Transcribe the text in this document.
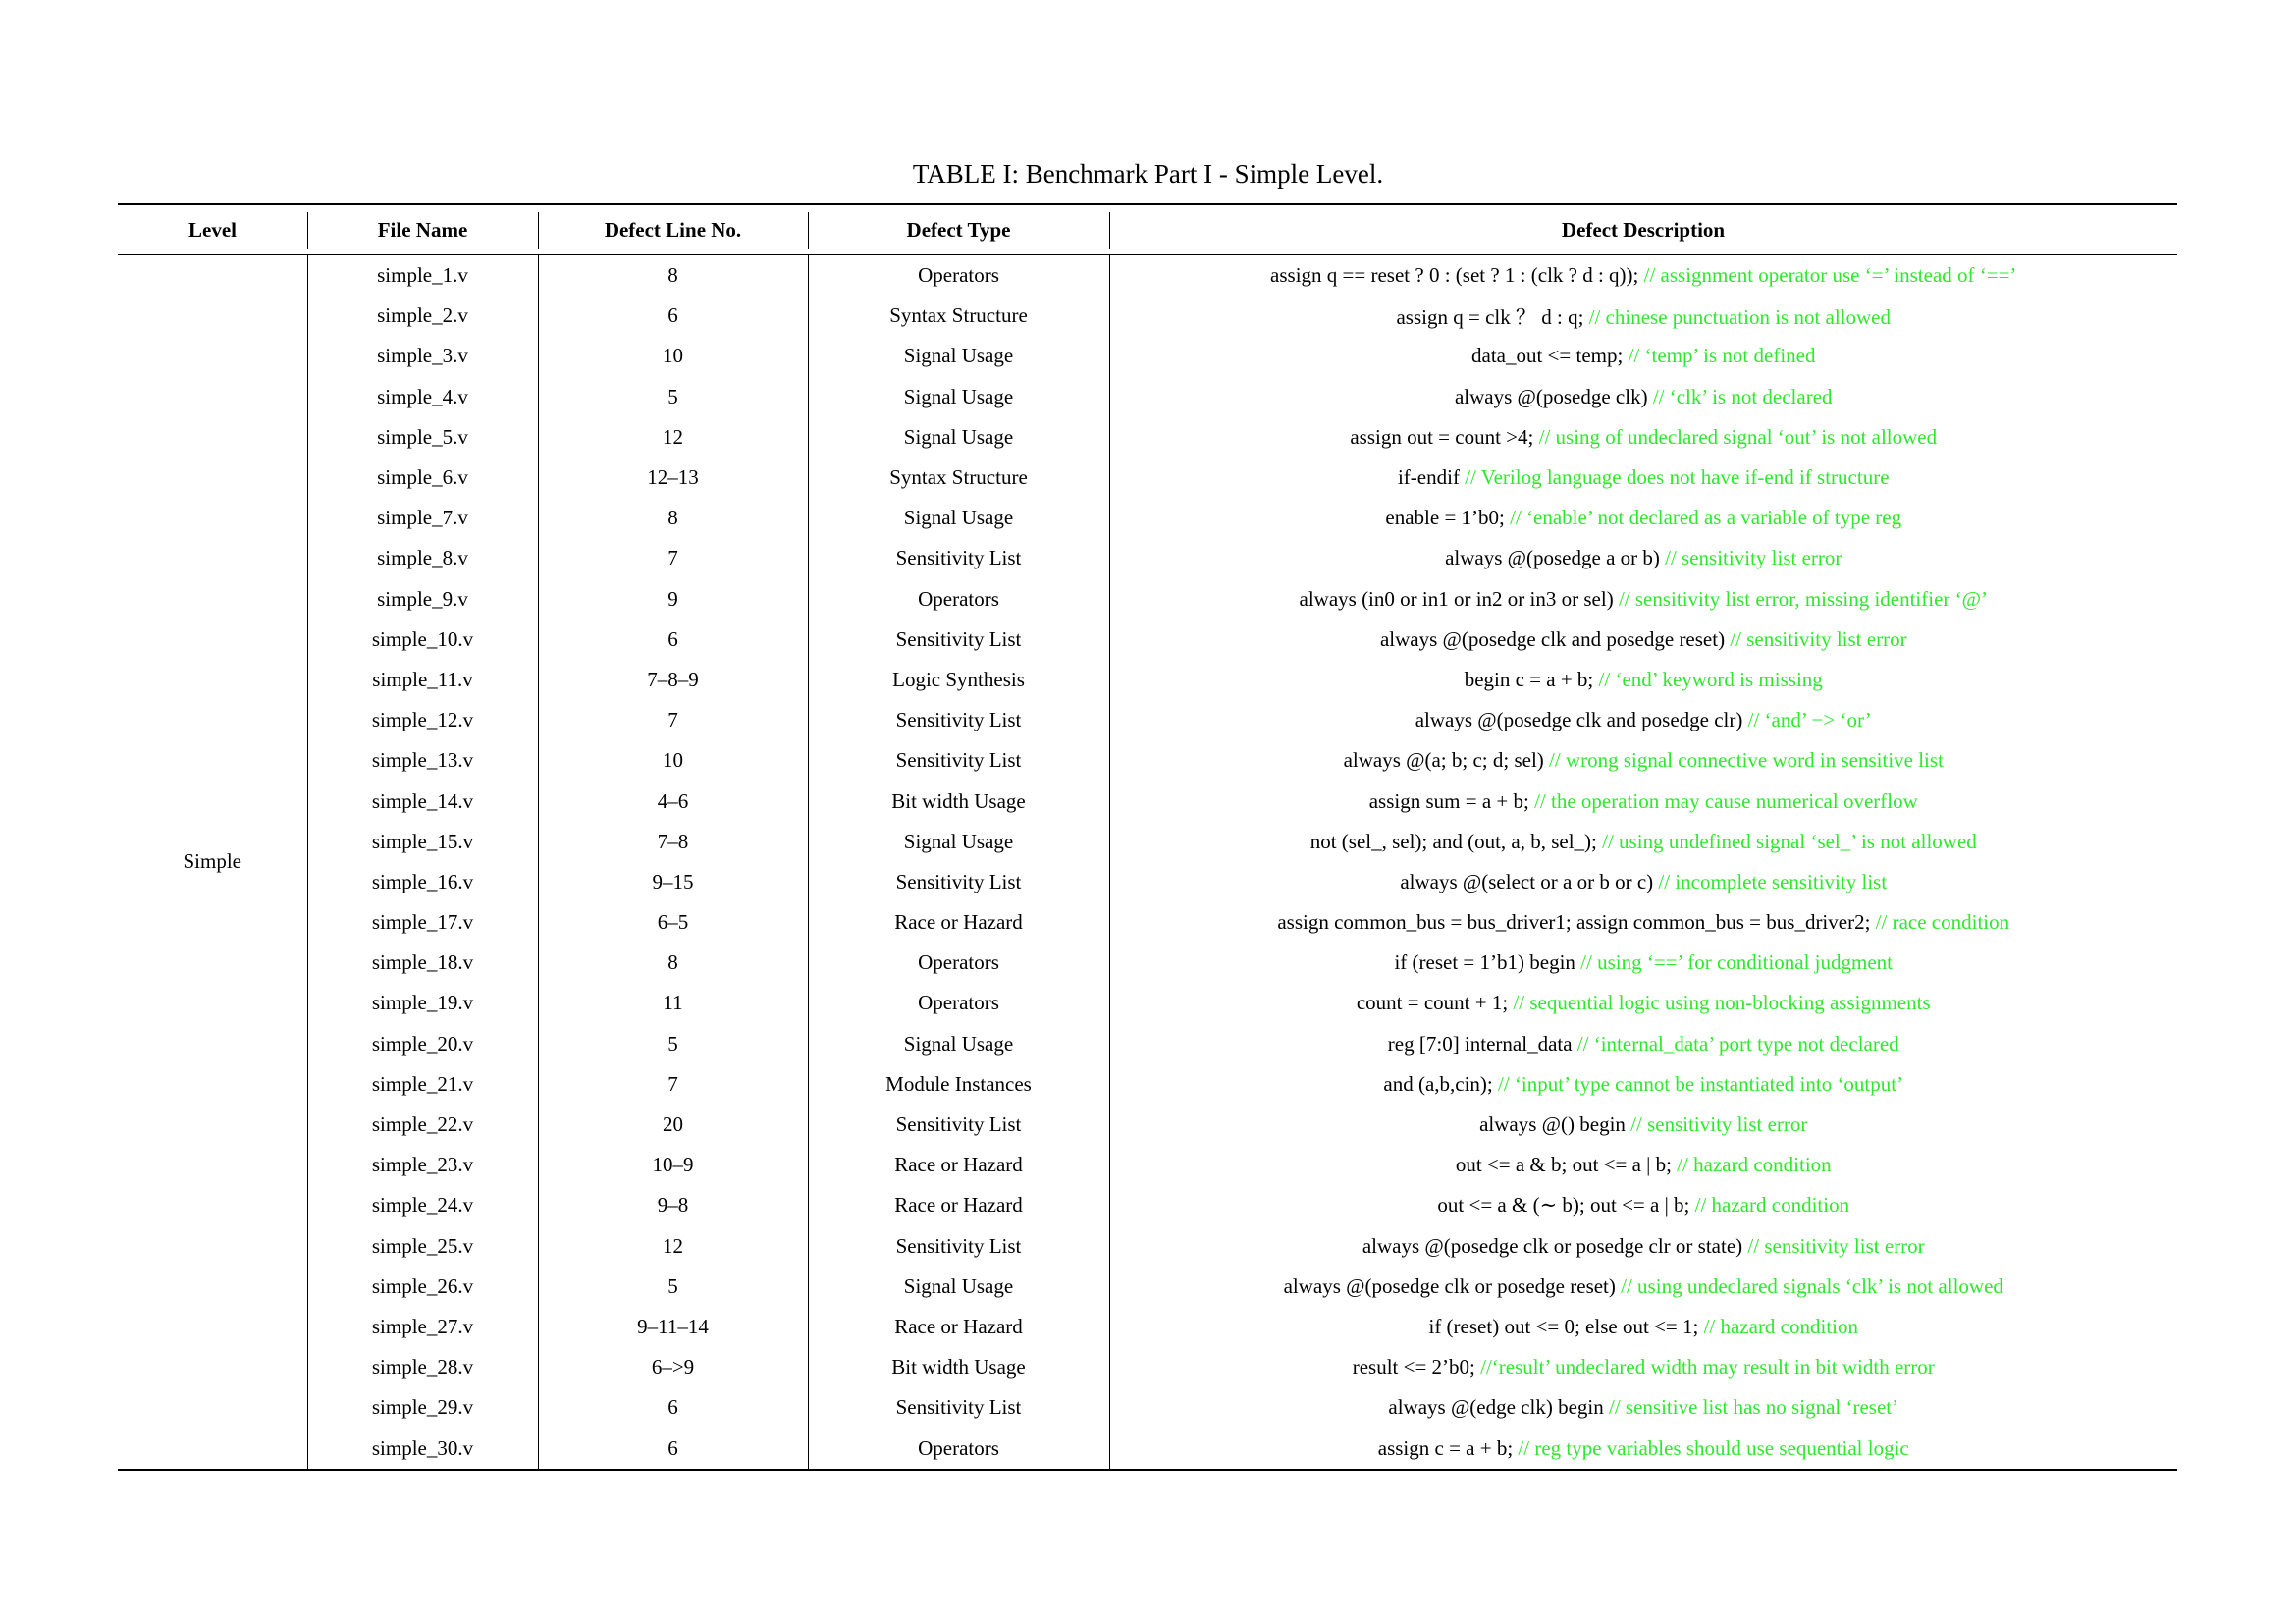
TABLE I: Benchmark Part I - Simple Level.
Level	File Name	Defect Line No.	Defect Type	Defect Description
Simple	simple_1.v	8	Operators	assign q == reset ? 0 : (set ? 1 : (clk ? d : q)); // assignment operator use ‘=’ instead of ‘==’
	simple_2.v	6	Syntax Structure	assign q = clk ？ d : q; // chinese punctuation is not allowed
	simple_3.v	10	Signal Usage	data_out <= temp; // ‘temp’ is not defined
	simple_4.v	5	Signal Usage	always @(posedge clk) // ‘clk’ is not declared
	simple_5.v	12	Signal Usage	assign out = count >4; // using of undeclared signal ‘out’ is not allowed
	simple_6.v	12–13	Syntax Structure	if-endif // Verilog language does not have if-end if structure
	simple_7.v	8	Signal Usage	enable = 1’b0; // ‘enable’ not declared as a variable of type reg
	simple_8.v	7	Sensitivity List	always @(posedge a or b) // sensitivity list error
	simple_9.v	9	Operators	always (in0 or in1 or in2 or in3 or sel) // sensitivity list error, missing identifier ‘@’
	simple_10.v	6	Sensitivity List	always @(posedge clk and posedge reset) // sensitivity list error
	simple_11.v	7–8–9	Logic Synthesis	begin c = a + b; // ‘end’ keyword is missing
	simple_12.v	7	Sensitivity List	always @(posedge clk and posedge clr) // ‘and’ −> ‘or’
	simple_13.v	10	Sensitivity List	always @(a; b; c; d; sel) // wrong signal connective word in sensitive list
	simple_14.v	4–6	Bit width Usage	assign sum = a + b; // the operation may cause numerical overflow
	simple_15.v	7–8	Signal Usage	not (sel_, sel); and (out, a, b, sel_); // using undefined signal ‘sel_’ is not allowed
	simple_16.v	9–15	Sensitivity List	always @(select or a or b or c) // incomplete sensitivity list
	simple_17.v	6–5	Race or Hazard	assign common_bus = bus_driver1; assign common_bus = bus_driver2; // race condition
	simple_18.v	8	Operators	if (reset = 1’b1) begin // using ‘==’ for conditional judgment
	simple_19.v	11	Operators	count = count + 1; // sequential logic using non-blocking assignments
	simple_20.v	5	Signal Usage	reg [7:0] internal_data // ‘internal_data’ port type not declared
	simple_21.v	7	Module Instances	and (a,b,cin); // ‘input’ type cannot be instantiated into ‘output’
	simple_22.v	20	Sensitivity List	always @() begin // sensitivity list error
	simple_23.v	10–9	Race or Hazard	out <= a & b; out <= a | b; // hazard condition
	simple_24.v	9–8	Race or Hazard	out <= a & (∼ b); out <= a | b; // hazard condition
	simple_25.v	12	Sensitivity List	always @(posedge clk or posedge clr or state) // sensitivity list error
	simple_26.v	5	Signal Usage	always @(posedge clk or posedge reset) // using undeclared signals ‘clk’ is not allowed
	simple_27.v	9–11–14	Race or Hazard	if (reset) out <= 0; else out <= 1; // hazard condition
	simple_28.v	6–>9	Bit width Usage	result <= 2’b0; //‘result’ undeclared width may result in bit width error
	simple_29.v	6	Sensitivity List	always @(edge clk) begin // sensitive list has no signal ‘reset’
	simple_30.v	6	Operators	assign c = a + b; // reg type variables should use sequential logic
